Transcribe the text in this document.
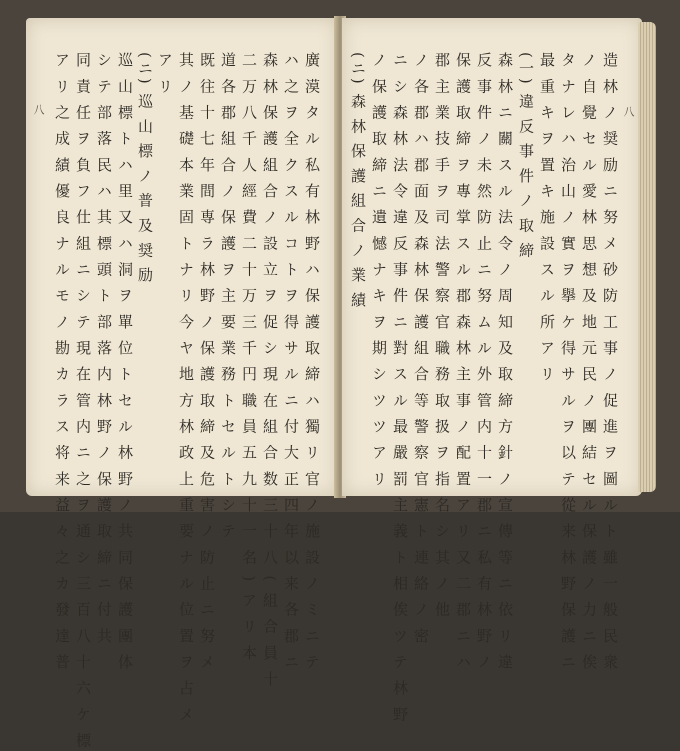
ア リ 之 成 績 優 良 ナ ル モ ノ 勘 カ ラ ス 将 来 益 々 之 カ 發 達 普 同 責 任 ヲ 負 フ 仕 組 ニ シ テ 現 在 管 内 ニ 之 ヲ 通 シ 三 百 八 十 六 ケ 標 シ テ 部 落 民 ハ 其 標 頭 ト 部 落 内 林 野 ノ 保 護 取 締 ニ 付 共 巡 山 標 ト ハ 里 又 ハ 洞 ヲ 單 位 ト セ ル 林 野 ノ 共 同 保 護 團 体 (ニ) 巡 山 標 ノ 普 及 奨 励 ア リ 其 ノ 基 礎 本 業 固 ト ナ リ 今 ヤ 地 方 林 政 上 重 要 ナ ル 位 置 ヲ 占 メ 既 往 十 七 年 間 専 ラ 林 野 ノ 保 護 取 締 及 危 害 ノ 防 止 ニ 努 メ 道 各 郡 組 合 ノ 保 護 ヲ 主 要 業 務 ト セ ル ト シ テ 二 万 八 千 人 經 費 二 十 万 三 千 円 職 員 五 九 十 一 名 ) ア リ 本 森 林 保 護 組 合 ノ 設 立 ヲ 促 シ 現 在 組 合 数 三 十 八 ( 組 合 員 十 ハ 之 ヲ 全 ク ス ル コ ト ヲ 得 サ ル ニ 付 大 正 四 年 以 来 各 郡 ニ 廣 漠 タ ル 私 有 林 野 ハ 保 護 取 締 ハ 獨 リ 官 ノ 施 設 ノ ミ ニ テ	造 林 ノ 奨 励 ニ 努 メ 砂 防 工 事 ノ 促 進 ヲ 圖 ル ト 雖 一 般 民 衆
ノ 自 覺 セ ル 愛 林 思 想 及 地 元 民 ノ 團 結 セ ル 保 護 ノ 力 ニ 俟
タ ナ レ ハ 治 山 ノ 實 ヲ 擧 ケ 得 サ ル ヲ 以 テ 從 来 林 野 保 護 ニ
最 重 キ ヲ 置 キ 施 設 ス ル 所 ア リ
(一) 違 反 事 件 ノ 取 締
森 林 ニ 關 ス ル 法 令 ノ 周 知 及 取 締 方 針 ノ 宣 傳 等 ニ 依 リ 違
反 事 件 ノ 未 然 防 止 ニ 努 ム ル 外 管 内 十 一 郡 ニ 私 有 林 野 ノ
保 護 取 締 ヲ 專 掌 ス ル 郡 森 林 主 事 ノ 配 置 ア リ 又 二 郡 ニ ハ
郡 主 業 技 手 ヲ 司 法 警 察 官 職 務 取 扱 ヲ 指 名 シ 其 ノ 他
ノ 各 郡 ハ 郡 面 及 森 林 保 護 組 合 等 警 察 官 憲 ト 連 絡 ノ 密
ニ シ 森 林 法 令 違 反 事 件 ニ 對 ス ル 最 嚴 罰 主 義 ト 相 俟 ツ テ 林 野
ノ 保 護 取 締 ニ 遺 憾 ナ キ ヲ 期 シ ツ ツ ア リ
(ニ) 森 林 保 護 組 合 ノ 業 績
八	八
